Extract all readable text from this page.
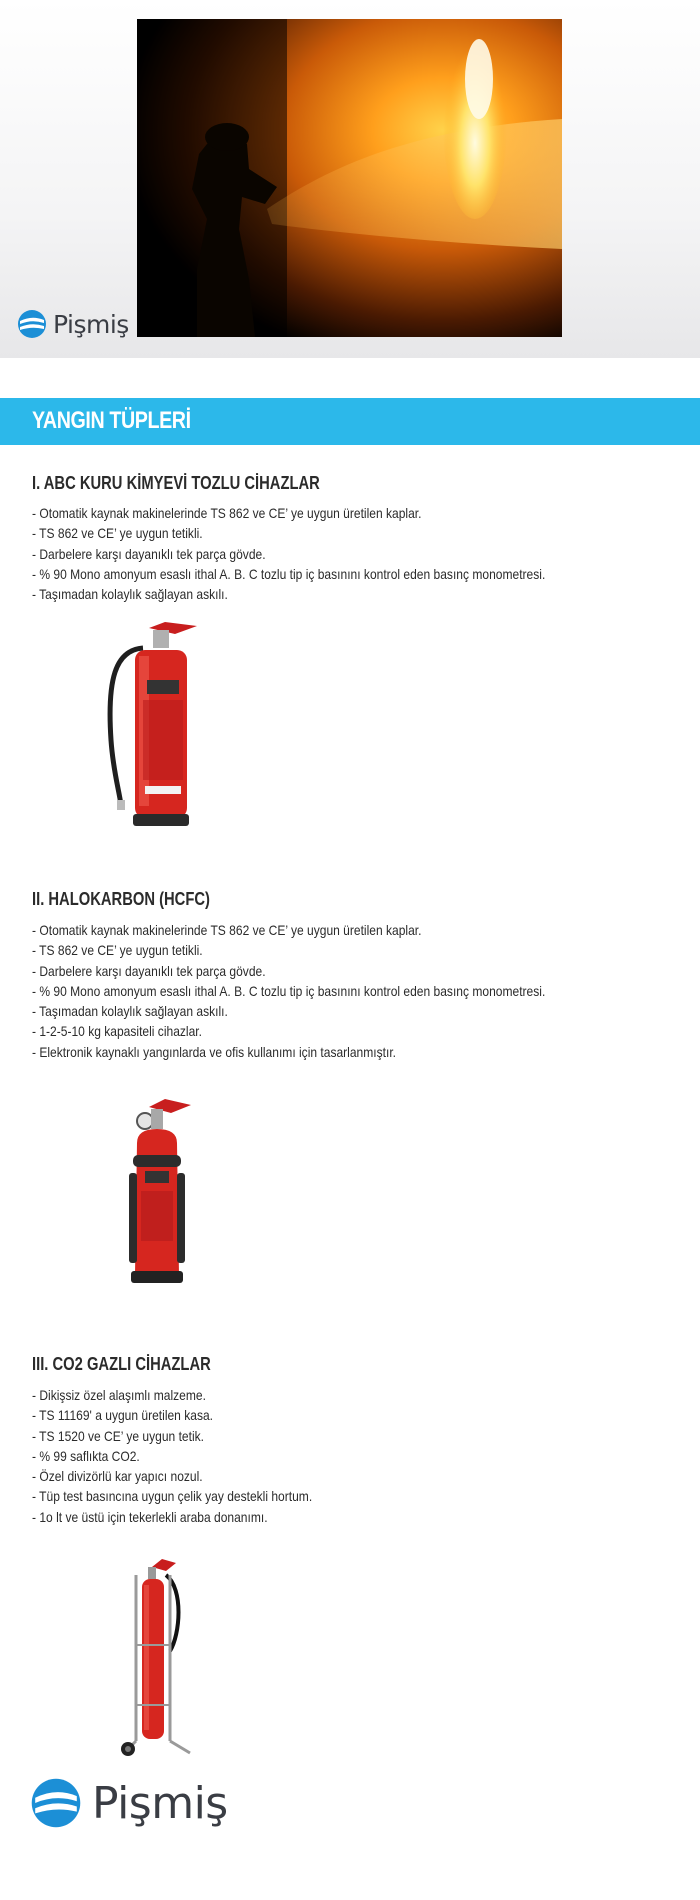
Pişmiş
YANGIN TÜPLERİ
I. ABC KURU KİMYEVİ TOZLU CİHAZLAR
- Otomatik kaynak makinelerinde TS 862 ve CE’ ye uygun üretilen kaplar.
- TS 862 ve CE’ ye uygun tetikli.
- Darbelere karşı dayanıklı tek parça gövde.
- % 90 Mono amonyum esaslı ithal A. B. C tozlu tip iç basınını kontrol eden basınç monometresi.
- Taşımadan kolaylık sağlayan askılı.
II. HALOKARBON (HCFC)
- Otomatik kaynak makinelerinde TS 862 ve CE’ ye uygun üretilen kaplar.
- TS 862 ve CE’ ye uygun tetikli.
- Darbelere karşı dayanıklı tek parça gövde.
- % 90 Mono amonyum esaslı ithal A. B. C tozlu tip iç basınını kontrol eden basınç monometresi.
- Taşımadan kolaylık sağlayan askılı.
- 1-2-5-10 kg kapasiteli cihazlar.
- Elektronik kaynaklı yangınlarda ve ofis kullanımı için tasarlanmıştır.
III. CO2 GAZLI CİHAZLAR
- Dikişsiz özel alaşımlı malzeme.
- TS 11169' a uygun üretilen kasa.
- TS 1520 ve CE’ ye uygun tetik.
- % 99 saflıkta CO2.
- Özel divizörlü kar yapıcı nozul.
- Tüp test basıncına uygun çelik yay destekli hortum.
- 1o lt ve üstü için tekerlekli araba donanımı.
Pişmiş
